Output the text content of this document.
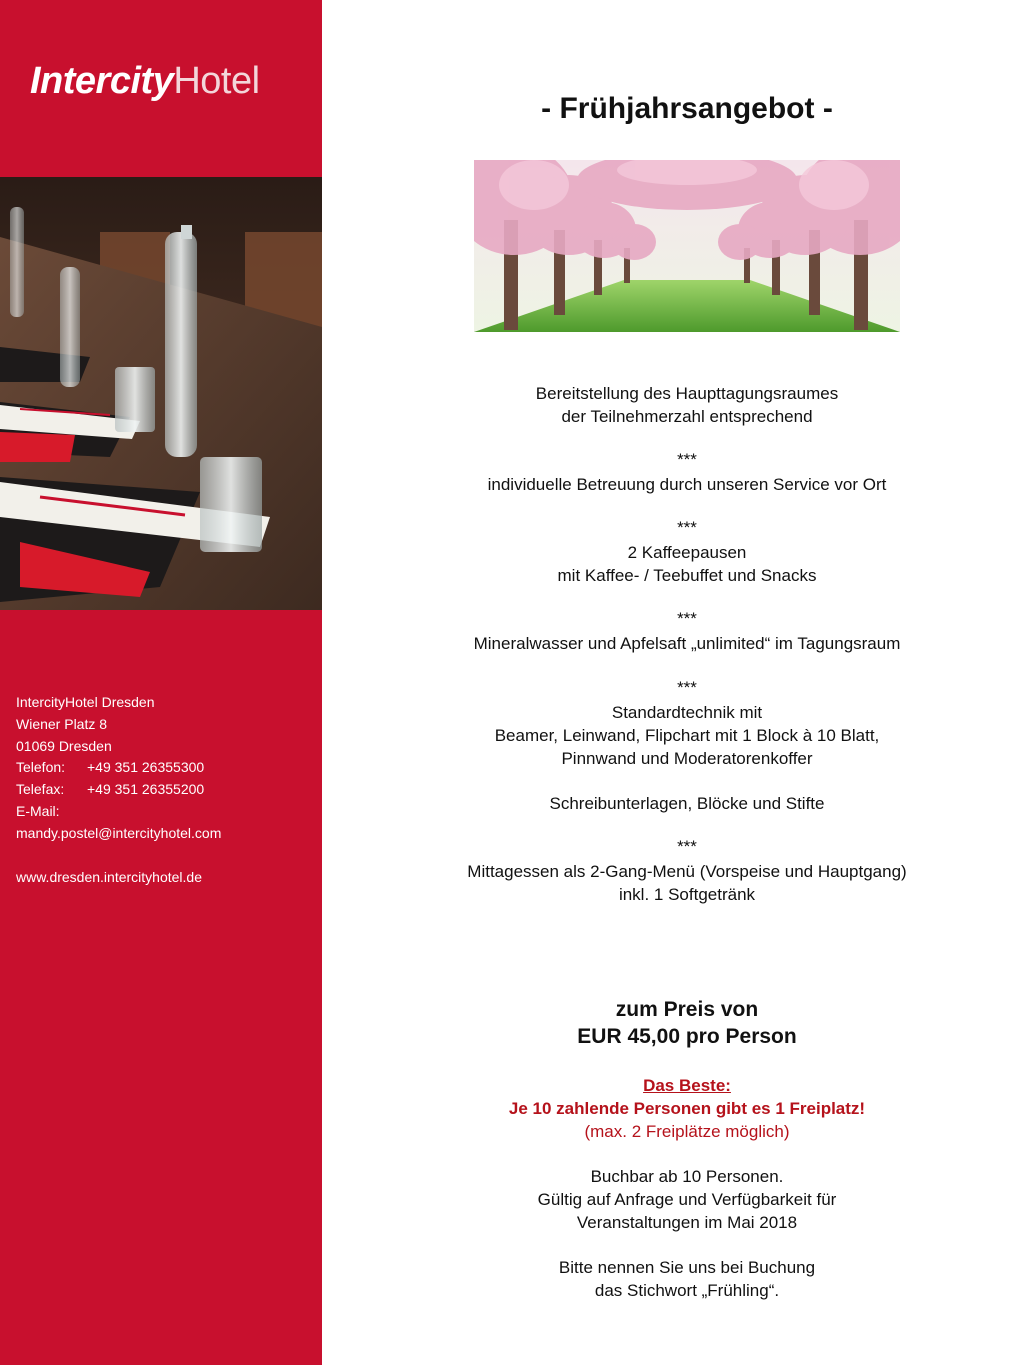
IntercityHotel
IntercityHotel Dresden
Wiener Platz 8
01069 Dresden
Telefon: +49 351 26355300
Telefax: +49 351 26355200
E-Mail:
mandy.postel@intercityhotel.com
www.dresden.intercityhotel.de
- Frühjahrsangebot -
Bereitstellung des Haupttagungsraumes
der Teilnehmerzahl entsprechend
***
individuelle Betreuung durch unseren Service vor Ort
***
2 Kaffeepausen
mit Kaffee- / Teebuffet und Snacks
***
Mineralwasser und Apfelsaft „unlimited“ im Tagungsraum
***
Standardtechnik mit
Beamer, Leinwand, Flipchart mit 1 Block à 10 Blatt,
Pinnwand und Moderatorenkoffer
Schreibunterlagen, Blöcke und Stifte
***
Mittagessen als 2-Gang-Menü (Vorspeise und Hauptgang)
inkl. 1 Softgetränk
zum Preis von
EUR 45,00 pro Person
Das Beste:
Je 10 zahlende Personen gibt es 1 Freiplatz!
(max. 2 Freiplätze möglich)
Buchbar ab 10 Personen.
Gültig auf Anfrage und Verfügbarkeit für
Veranstaltungen im Mai 2018
Bitte nennen Sie uns bei Buchung
das Stichwort „Frühling“.
